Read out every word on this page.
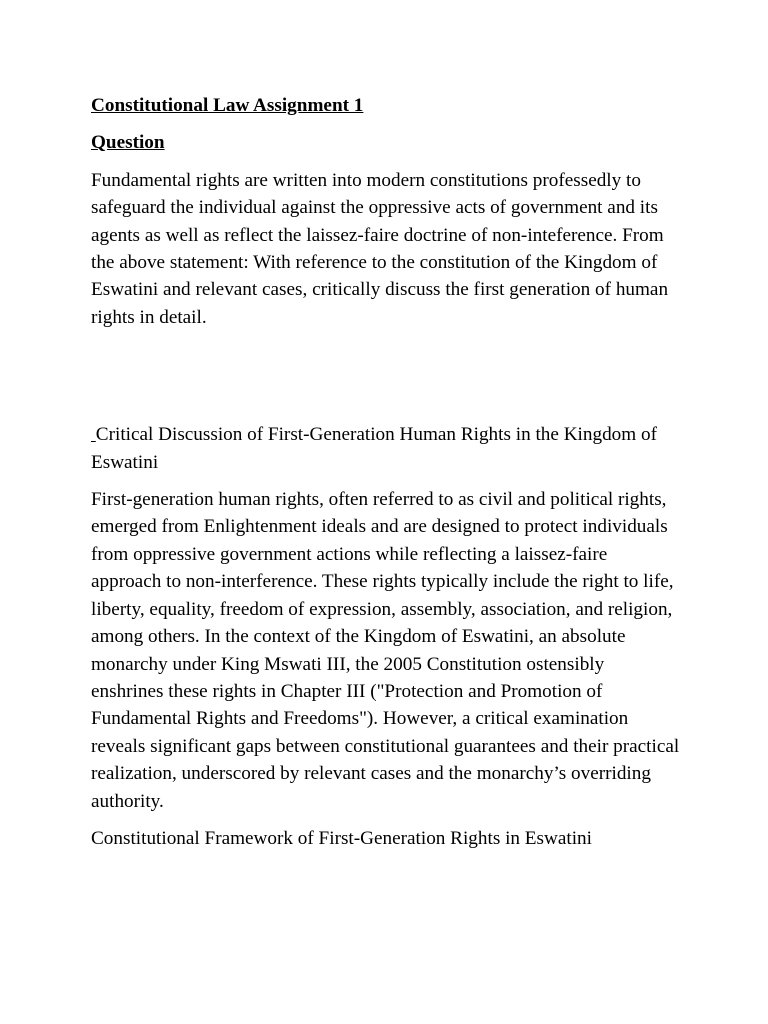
Constitutional Law Assignment 1

Question

Fundamental rights are written into modern constitutions professedly to safeguard the individual against the oppressive acts of government and its agents as well as reflect the laissez-faire doctrine of non-inteference. From the above statement: With reference to the constitution of the Kingdom of Eswatini and relevant cases, critically discuss the first generation of human rights in detail.

Critical Discussion of First-Generation Human Rights in the Kingdom of Eswatini

First-generation human rights, often referred to as civil and political rights, emerged from Enlightenment ideals and are designed to protect individuals from oppressive government actions while reflecting a laissez-faire approach to non-interference. These rights typically include the right to life, liberty, equality, freedom of expression, assembly, association, and religion, among others. In the context of the Kingdom of Eswatini, an absolute monarchy under King Mswati III, the 2005 Constitution ostensibly enshrines these rights in Chapter III ("Protection and Promotion of Fundamental Rights and Freedoms"). However, a critical examination reveals significant gaps between constitutional guarantees and their practical realization, underscored by relevant cases and the monarchy’s overriding authority.

Constitutional Framework of First-Generation Rights in Eswatini
